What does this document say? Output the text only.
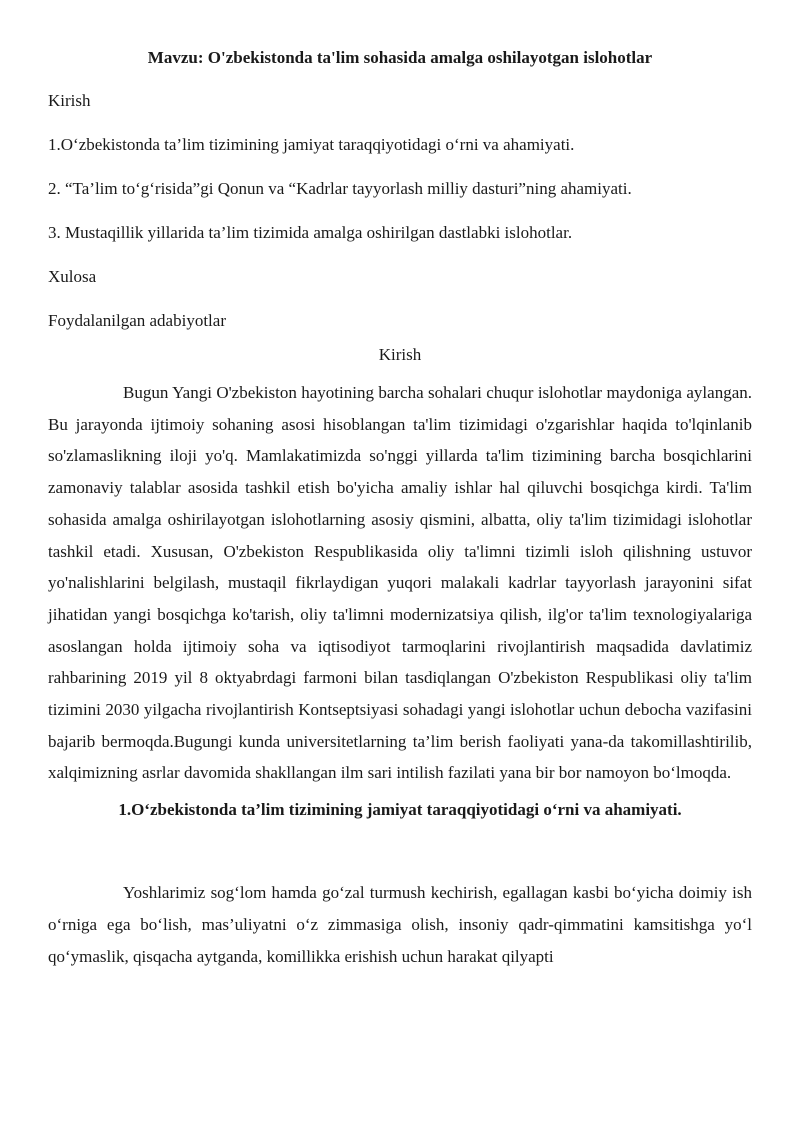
Mavzu: O'zbekistonda ta'lim sohasida amalga oshilayotgan islohotlar

Kirish

1.O‘zbekistonda ta’lim tizimining jamiyat taraqqiyotidagi o‘rni va ahamiyati.

2. “Ta’lim to‘g‘risida”gi Qonun va “Kadrlar tayyorlash milliy dasturi”ning ahamiyati.

3. Mustaqillik yillarida ta’lim tizimida amalga oshirilgan dastlabki islohotlar.

Xulosa

Foydalanilgan adabiyotlar

Kirish

Bugun Yangi O'zbekiston hayotining barcha sohalari chuqur islohotlar maydoniga aylangan. Bu jarayonda ijtimoiy sohaning asosi hisoblangan ta'lim tizimidagi o'zgarishlar haqida to'lqinlanib so'zlamaslikning iloji yo'q. Mamlakatimizda so'nggi yillarda ta'lim tizimining barcha bosqichlarini zamonaviy talablar asosida tashkil etish bo'yicha amaliy ishlar hal qiluvchi bosqichga kirdi. Ta'lim sohasida amalga oshirilayotgan islohotlarning asosiy qismini, albatta, oliy ta'lim tizimidagi islohotlar tashkil etadi. Xususan, O'zbekiston Respublikasida oliy ta'limni tizimli isloh qilishning ustuvor yo'nalishlarini belgilash, mustaqil fikrlaydigan yuqori malakali kadrlar tayyorlash jarayonini sifat jihatidan yangi bosqichga ko'tarish, oliy ta'limni modernizatsiya qilish, ilg'or ta'lim texnologiyalariga asoslangan holda ijtimoiy soha va iqtisodiyot tarmoqlarini rivojlantirish maqsadida davlatimiz rahbarining 2019 yil 8 oktyabrdagi farmoni bilan tasdiqlangan O'zbekiston Respublikasi oliy ta'lim tizimini 2030 yilgacha rivojlantirish Kontseptsiyasi sohadagi yangi islohotlar uchun debocha vazifasini bajarib bermoqda.Bugungi kunda universitetlarning ta’lim berish faoliyati yana-da takomillashtirilib, xalqimizning asrlar davomida shakllangan ilm sari intilish fazilati yana bir bor namoyon bo‘lmoqda.

1.O‘zbekistonda ta’lim tizimining jamiyat taraqqiyotidagi o‘rni va ahamiyati.

Yoshlarimiz sog‘lom hamda go‘zal turmush kechirish, egallagan kasbi bo‘yicha doimiy ish o‘rniga ega bo‘lish, mas’uliyatni o‘z zimmasiga olish, insoniy qadr-qimmatini kamsitishga yo‘l qo‘ymaslik, qisqacha aytganda, komillikka erishish uchun harakat qilyapti
